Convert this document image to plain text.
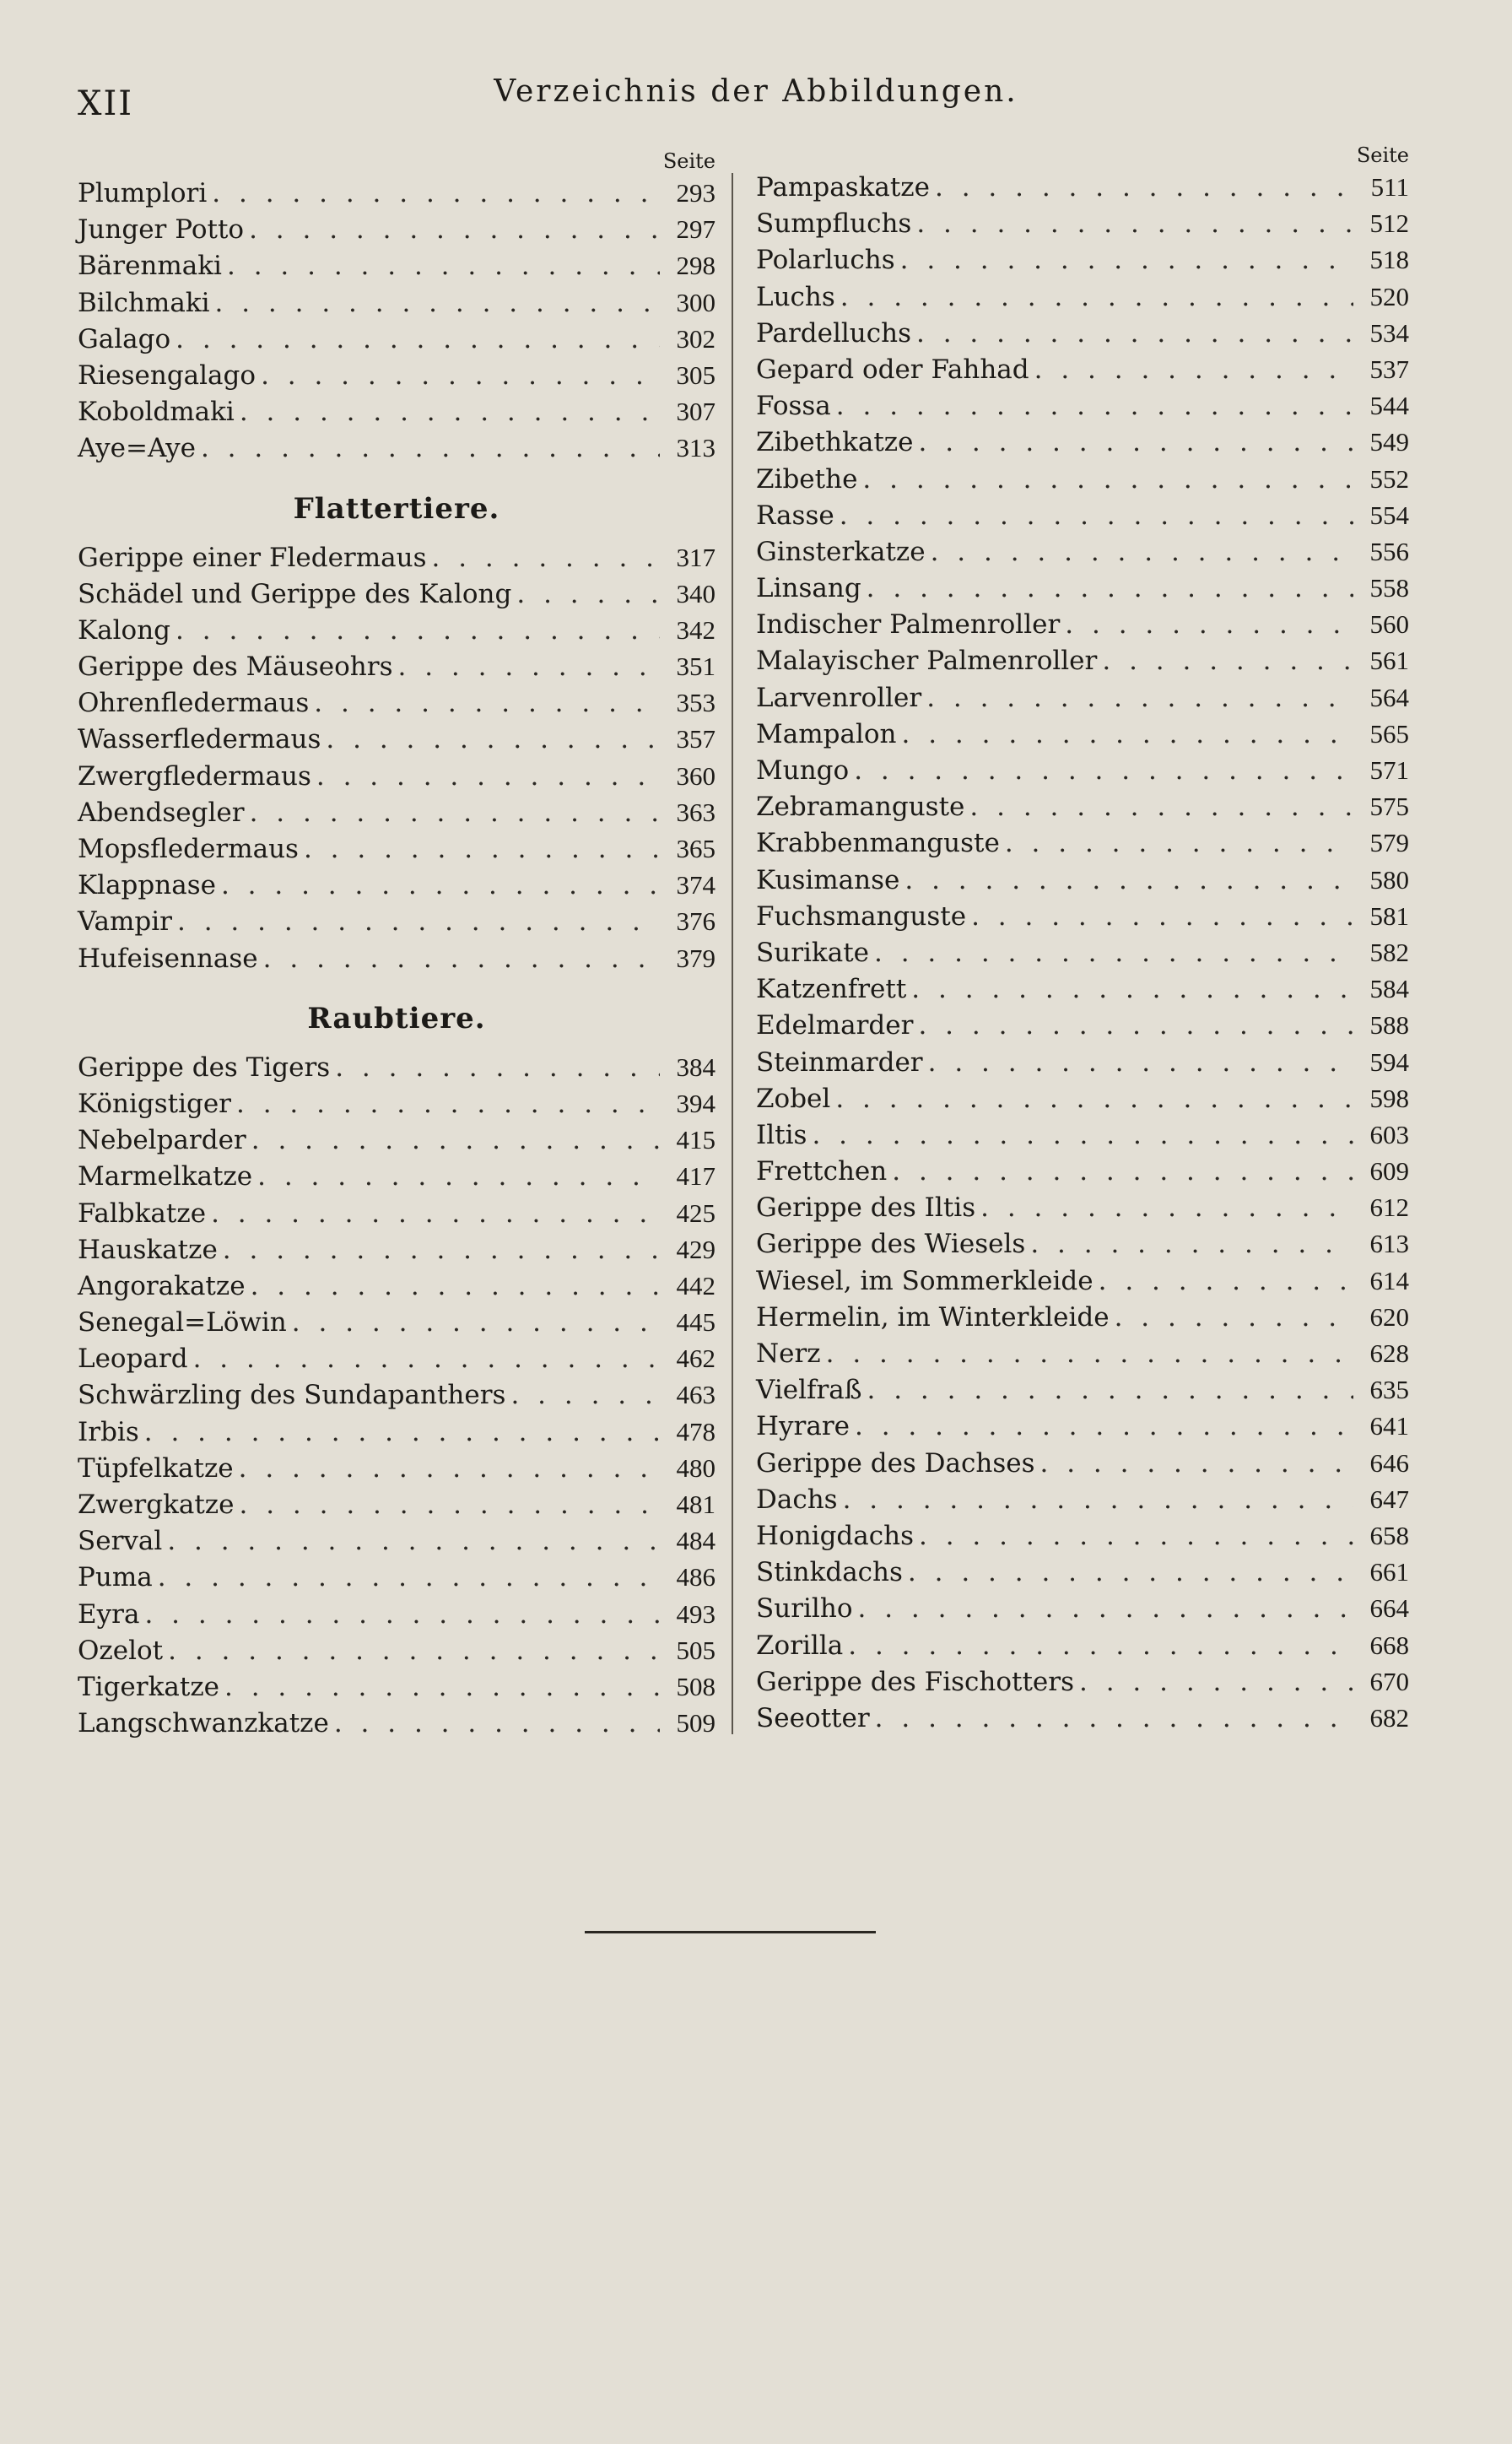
XII	Verzeichnis der Abbildungen.
Seite
Plumplori . . .	293
Junger Potto . . .	297
Bärenmaki . . .	298
Bilchmaki . . .	300
Galago . . .	302
Riesengalago . . .	305
Koboldmaki . . .	307
Aye=Aye . . .	313
Flattertiere.
Gerippe einer Fledermaus . . .	317
Schädel und Gerippe des Kalong . . .	340
Kalong . . .	342
Gerippe des Mäuseohrs . . .	351
Ohrenfledermaus . . .	353
Wasserfledermaus . . .	357
Zwergfledermaus . . .	360
Abendsegler . . .	363
Mopsfledermaus . . .	365
Klappnase . . .	374
Vampir . . .	376
Hufeisennase . . .	379
Raubtiere.
Gerippe des Tigers . . .	384
Königstiger . . .	394
Nebelparder . . .	415
Marmelkatze . . .	417
Falbkatze . . .	425
Hauskatze . . .	429
Angorakatze . . .	442
Senegal=Löwin . . .	445
Leopard . . .	462
Schwärzling des Sundapanthers . . .	463
Irbis . . .	478
Tüpfelkatze . . .	480
Zwergkatze . . .	481
Serval . . .	484
Puma . . .	486
Eyra . . .	493
Ozelot . . .	505
Tigerkatze . . .	508
Langschwanzkatze . . .	509
Seite
Pampaskatze . . .	511
Sumpfluchs . . .	512
Polarluchs . . .	518
Luchs . . .	520
Pardelluchs . . .	534
Gepard oder Fahhad . . .	537
Fossa . . .	544
Zibethkatze . . .	549
Zibethe . . .	552
Rasse . . .	554
Ginsterkatze . . .	556
Linsang . . .	558
Indischer Palmenroller . . .	560
Malayischer Palmenroller . . .	561
Larvenroller . . .	564
Mampalon . . .	565
Mungo . . .	571
Zebramanguste . . .	575
Krabbenmanguste . . .	579
Kusimanse . . .	580
Fuchsmanguste . . .	581
Surikate . . .	582
Katzenfrett . . .	584
Edelmarder . . .	588
Steinmarder . . .	594
Zobel . . .	598
Iltis . . .	603
Frettchen . . .	609
Gerippe des Iltis . . .	612
Gerippe des Wiesels . . .	613
Wiesel, im Sommerkleide . . .	614
Hermelin, im Winterkleide . . .	620
Nerz . . .	628
Vielfraß . . .	635
Hyrare . . .	641
Gerippe des Dachses . . .	646
Dachs . . .	647
Honigdachs . . .	658
Stinkdachs . . .	661
Surilho . . .	664
Zorilla . . .	668
Gerippe des Fischotters . . .	670
Seeotter . . .	682
